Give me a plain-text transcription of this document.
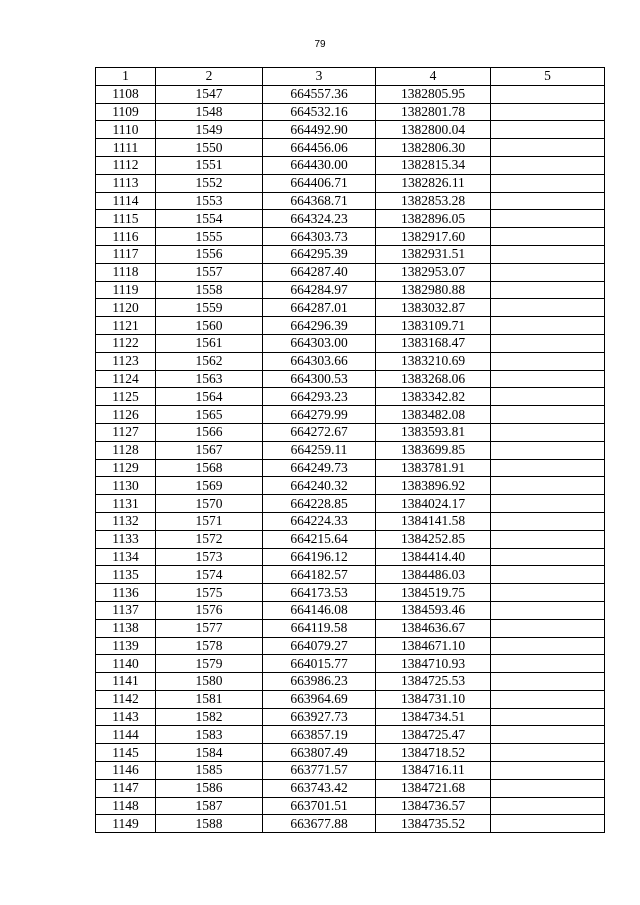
79
1	2	3	4	5
1108	1547	664557.36	1382805.95	
1109	1548	664532.16	1382801.78	
1110	1549	664492.90	1382800.04	
1111	1550	664456.06	1382806.30	
1112	1551	664430.00	1382815.34	
1113	1552	664406.71	1382826.11	
1114	1553	664368.71	1382853.28	
1115	1554	664324.23	1382896.05	
1116	1555	664303.73	1382917.60	
1117	1556	664295.39	1382931.51	
1118	1557	664287.40	1382953.07	
1119	1558	664284.97	1382980.88	
1120	1559	664287.01	1383032.87	
1121	1560	664296.39	1383109.71	
1122	1561	664303.00	1383168.47	
1123	1562	664303.66	1383210.69	
1124	1563	664300.53	1383268.06	
1125	1564	664293.23	1383342.82	
1126	1565	664279.99	1383482.08	
1127	1566	664272.67	1383593.81	
1128	1567	664259.11	1383699.85	
1129	1568	664249.73	1383781.91	
1130	1569	664240.32	1383896.92	
1131	1570	664228.85	1384024.17	
1132	1571	664224.33	1384141.58	
1133	1572	664215.64	1384252.85	
1134	1573	664196.12	1384414.40	
1135	1574	664182.57	1384486.03	
1136	1575	664173.53	1384519.75	
1137	1576	664146.08	1384593.46	
1138	1577	664119.58	1384636.67	
1139	1578	664079.27	1384671.10	
1140	1579	664015.77	1384710.93	
1141	1580	663986.23	1384725.53	
1142	1581	663964.69	1384731.10	
1143	1582	663927.73	1384734.51	
1144	1583	663857.19	1384725.47	
1145	1584	663807.49	1384718.52	
1146	1585	663771.57	1384716.11	
1147	1586	663743.42	1384721.68	
1148	1587	663701.51	1384736.57	
1149	1588	663677.88	1384735.52	
